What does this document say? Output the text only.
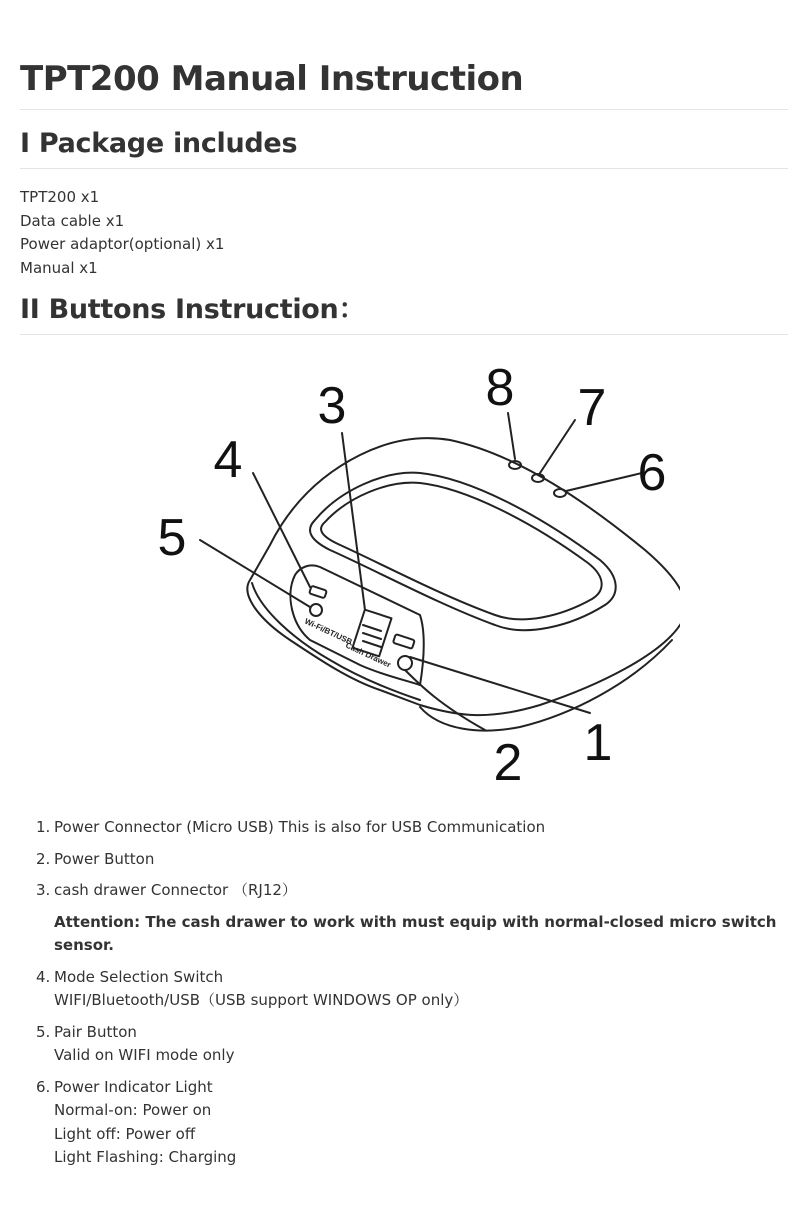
TPT200 Manual Instruction
I Package includes
TPT200 x1
Data cable x1
Power adaptor(optional) x1
Manual x1
II Buttons Instruction：
1
2
3
4
5
6
7
8
Wi-Fi/BT/USB
Cash Drawer
1. Power Connector (Micro USB) This is also for USB Communication
2. Power Button
3. cash drawer Connector （RJ12）
Attention: The cash drawer to work with must equip with normal-closed micro switch sensor.
4. Mode Selection Switch
WIFI/Bluetooth/USB（USB support WINDOWS OP only）
5. Pair Button
Valid on WIFI mode only
6. Power Indicator Light
Normal-on: Power on
Light off: Power off
Light Flashing: Charging
